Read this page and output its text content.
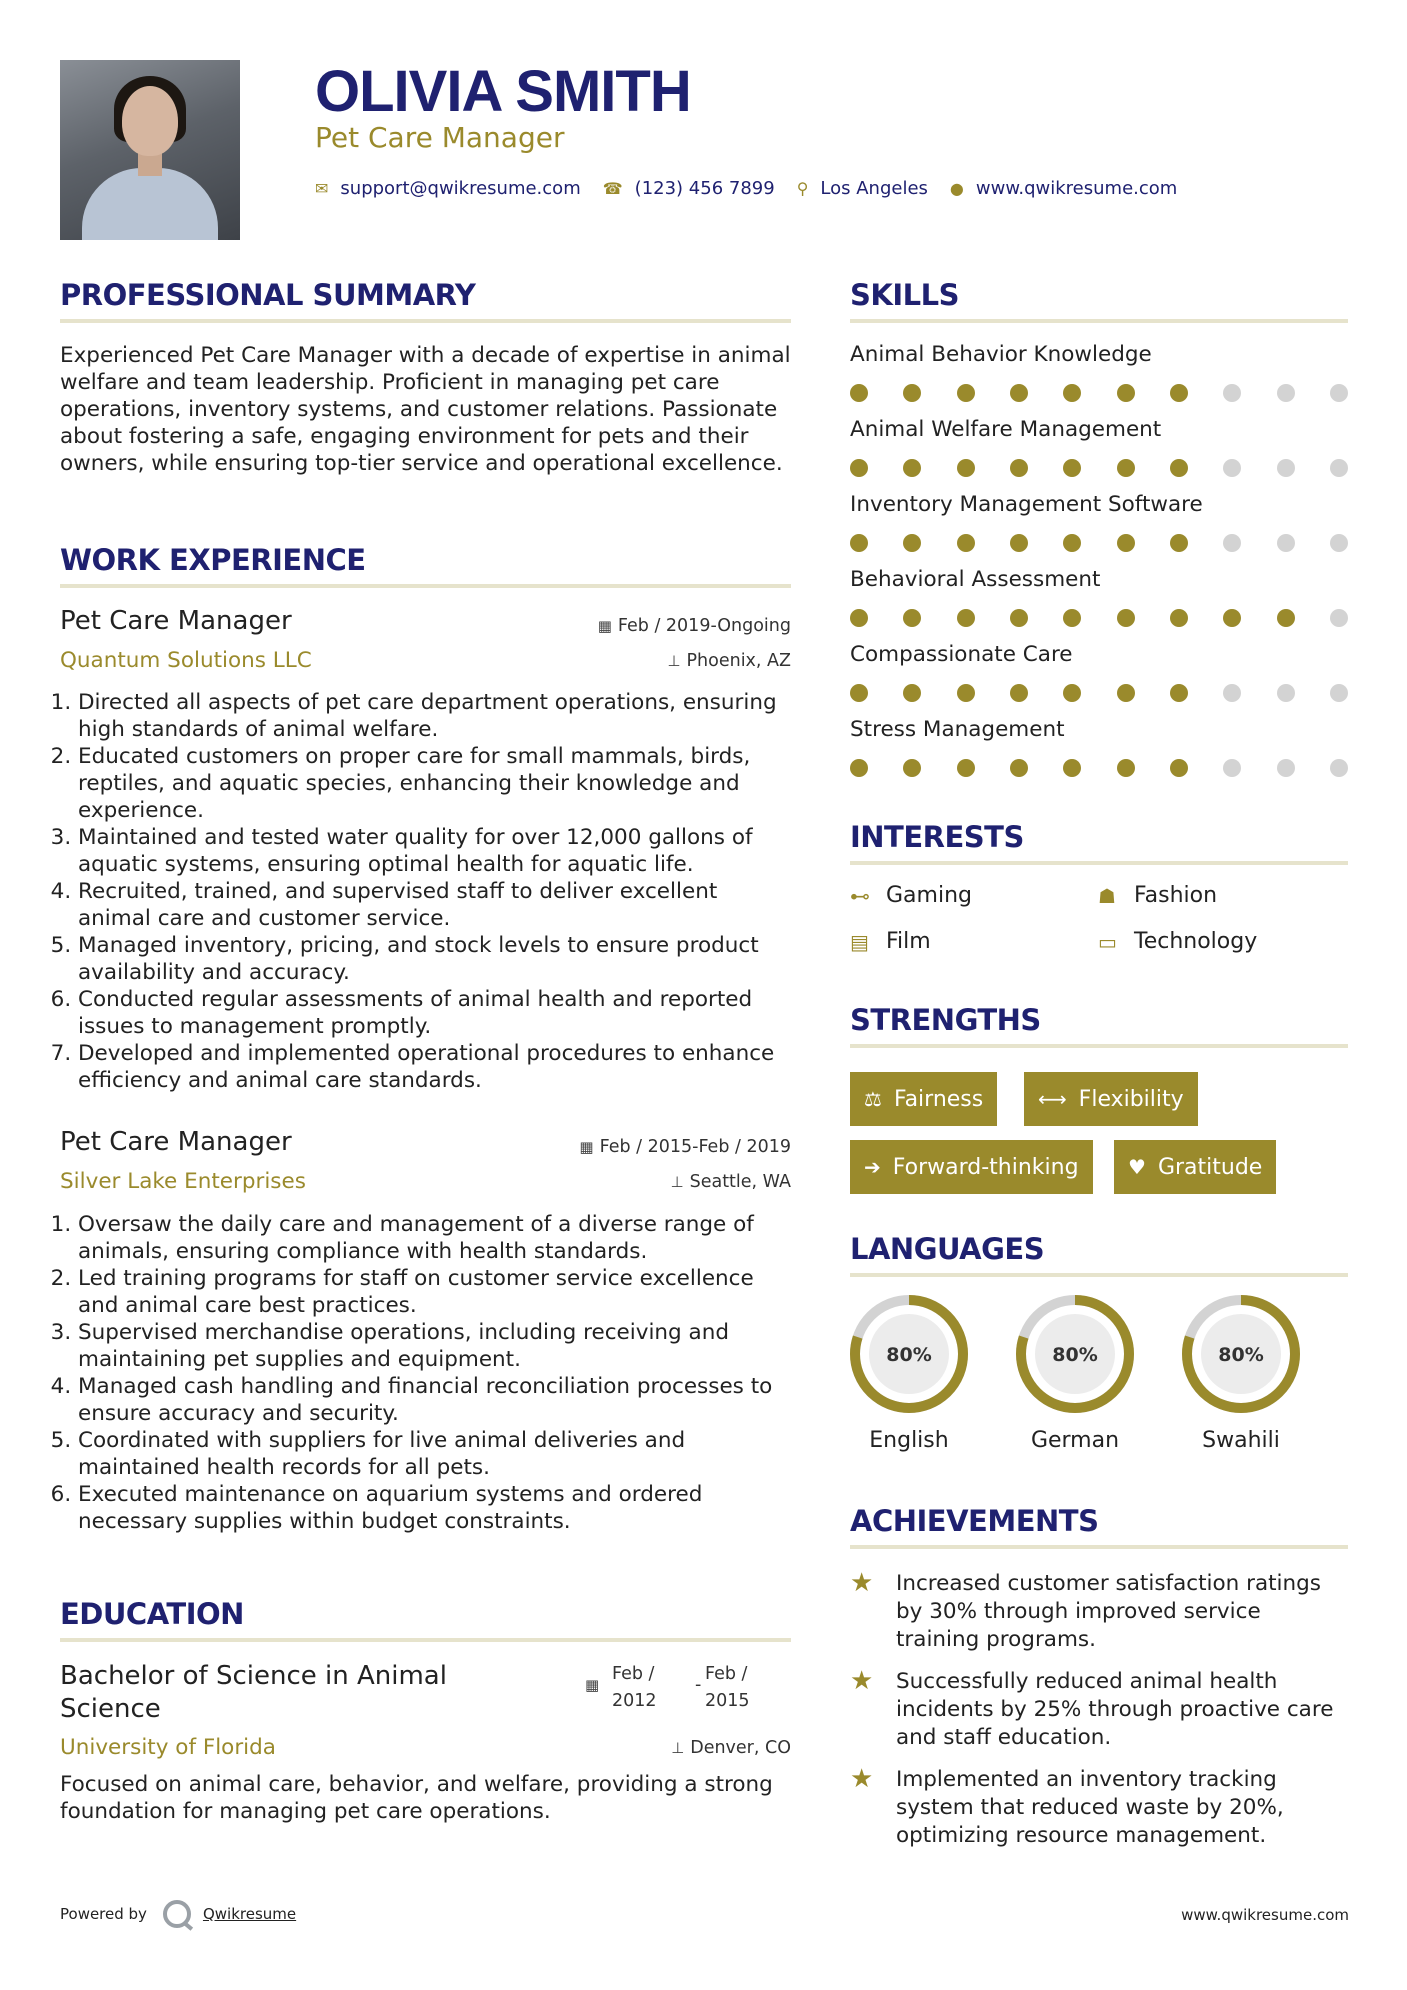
OLIVIA SMITH
Pet Care Manager
✉ support@qwikresume.com ☎ (123) 456 7899 ⚲ Los Angeles ● www.qwikresume.com
PROFESSIONAL SUMMARY
Experienced Pet Care Manager with a decade of expertise in animal welfare and team leadership. Proficient in managing pet care operations, inventory systems, and customer relations. Passionate about fostering a safe, engaging environment for pets and their owners, while ensuring top-tier service and operational excellence.
WORK EXPERIENCE
Pet Care Manager	▦ Feb / 2019-Ongoing
Quantum Solutions LLC	⊥ Phoenix, AZ
1. Directed all aspects of pet care department operations, ensuring high standards of animal welfare.
2. Educated customers on proper care for small mammals, birds, reptiles, and aquatic species, enhancing their knowledge and experience.
3. Maintained and tested water quality for over 12,000 gallons of aquatic systems, ensuring optimal health for aquatic life.
4. Recruited, trained, and supervised staff to deliver excellent animal care and customer service.
5. Managed inventory, pricing, and stock levels to ensure product availability and accuracy.
6. Conducted regular assessments of animal health and reported issues to management promptly.
7. Developed and implemented operational procedures to enhance efficiency and animal care standards.
Pet Care Manager	▦ Feb / 2015-Feb / 2019
Silver Lake Enterprises	⊥ Seattle, WA
1. Oversaw the daily care and management of a diverse range of animals, ensuring compliance with health standards.
2. Led training programs for staff on customer service excellence and animal care best practices.
3. Supervised merchandise operations, including receiving and maintaining pet supplies and equipment.
4. Managed cash handling and financial reconciliation processes to ensure accuracy and security.
5. Coordinated with suppliers for live animal deliveries and maintained health records for all pets.
6. Executed maintenance on aquarium systems and ordered necessary supplies within budget constraints.
EDUCATION
Bachelor of Science in Animal Science
▦
Feb / 2012
-
Feb / 2015
University of Florida	⊥ Denver, CO
Focused on animal care, behavior, and welfare, providing a strong foundation for managing pet care operations.
SKILLS
Animal Behavior Knowledge
Animal Welfare Management
Inventory Management Software
Behavioral Assessment
Compassionate Care
Stress Management
INTERESTS
⊷ Gaming	☗ Fashion
▤ Film	▭ Technology
STRENGTHS
⚖ Fairness	⟷ Flexibility
➔ Forward-thinking ♥ Gratitude
LANGUAGES
80%
English
80%
German
80%
Swahili
ACHIEVEMENTS
★	Increased customer satisfaction ratings by 30% through improved service training programs.
★	Successfully reduced animal health incidents by 25% through proactive care and staff education.
★	Implemented an inventory tracking system that reduced waste by 20%, optimizing resource management.
Powered by	Qwikresume	www.qwikresume.com
